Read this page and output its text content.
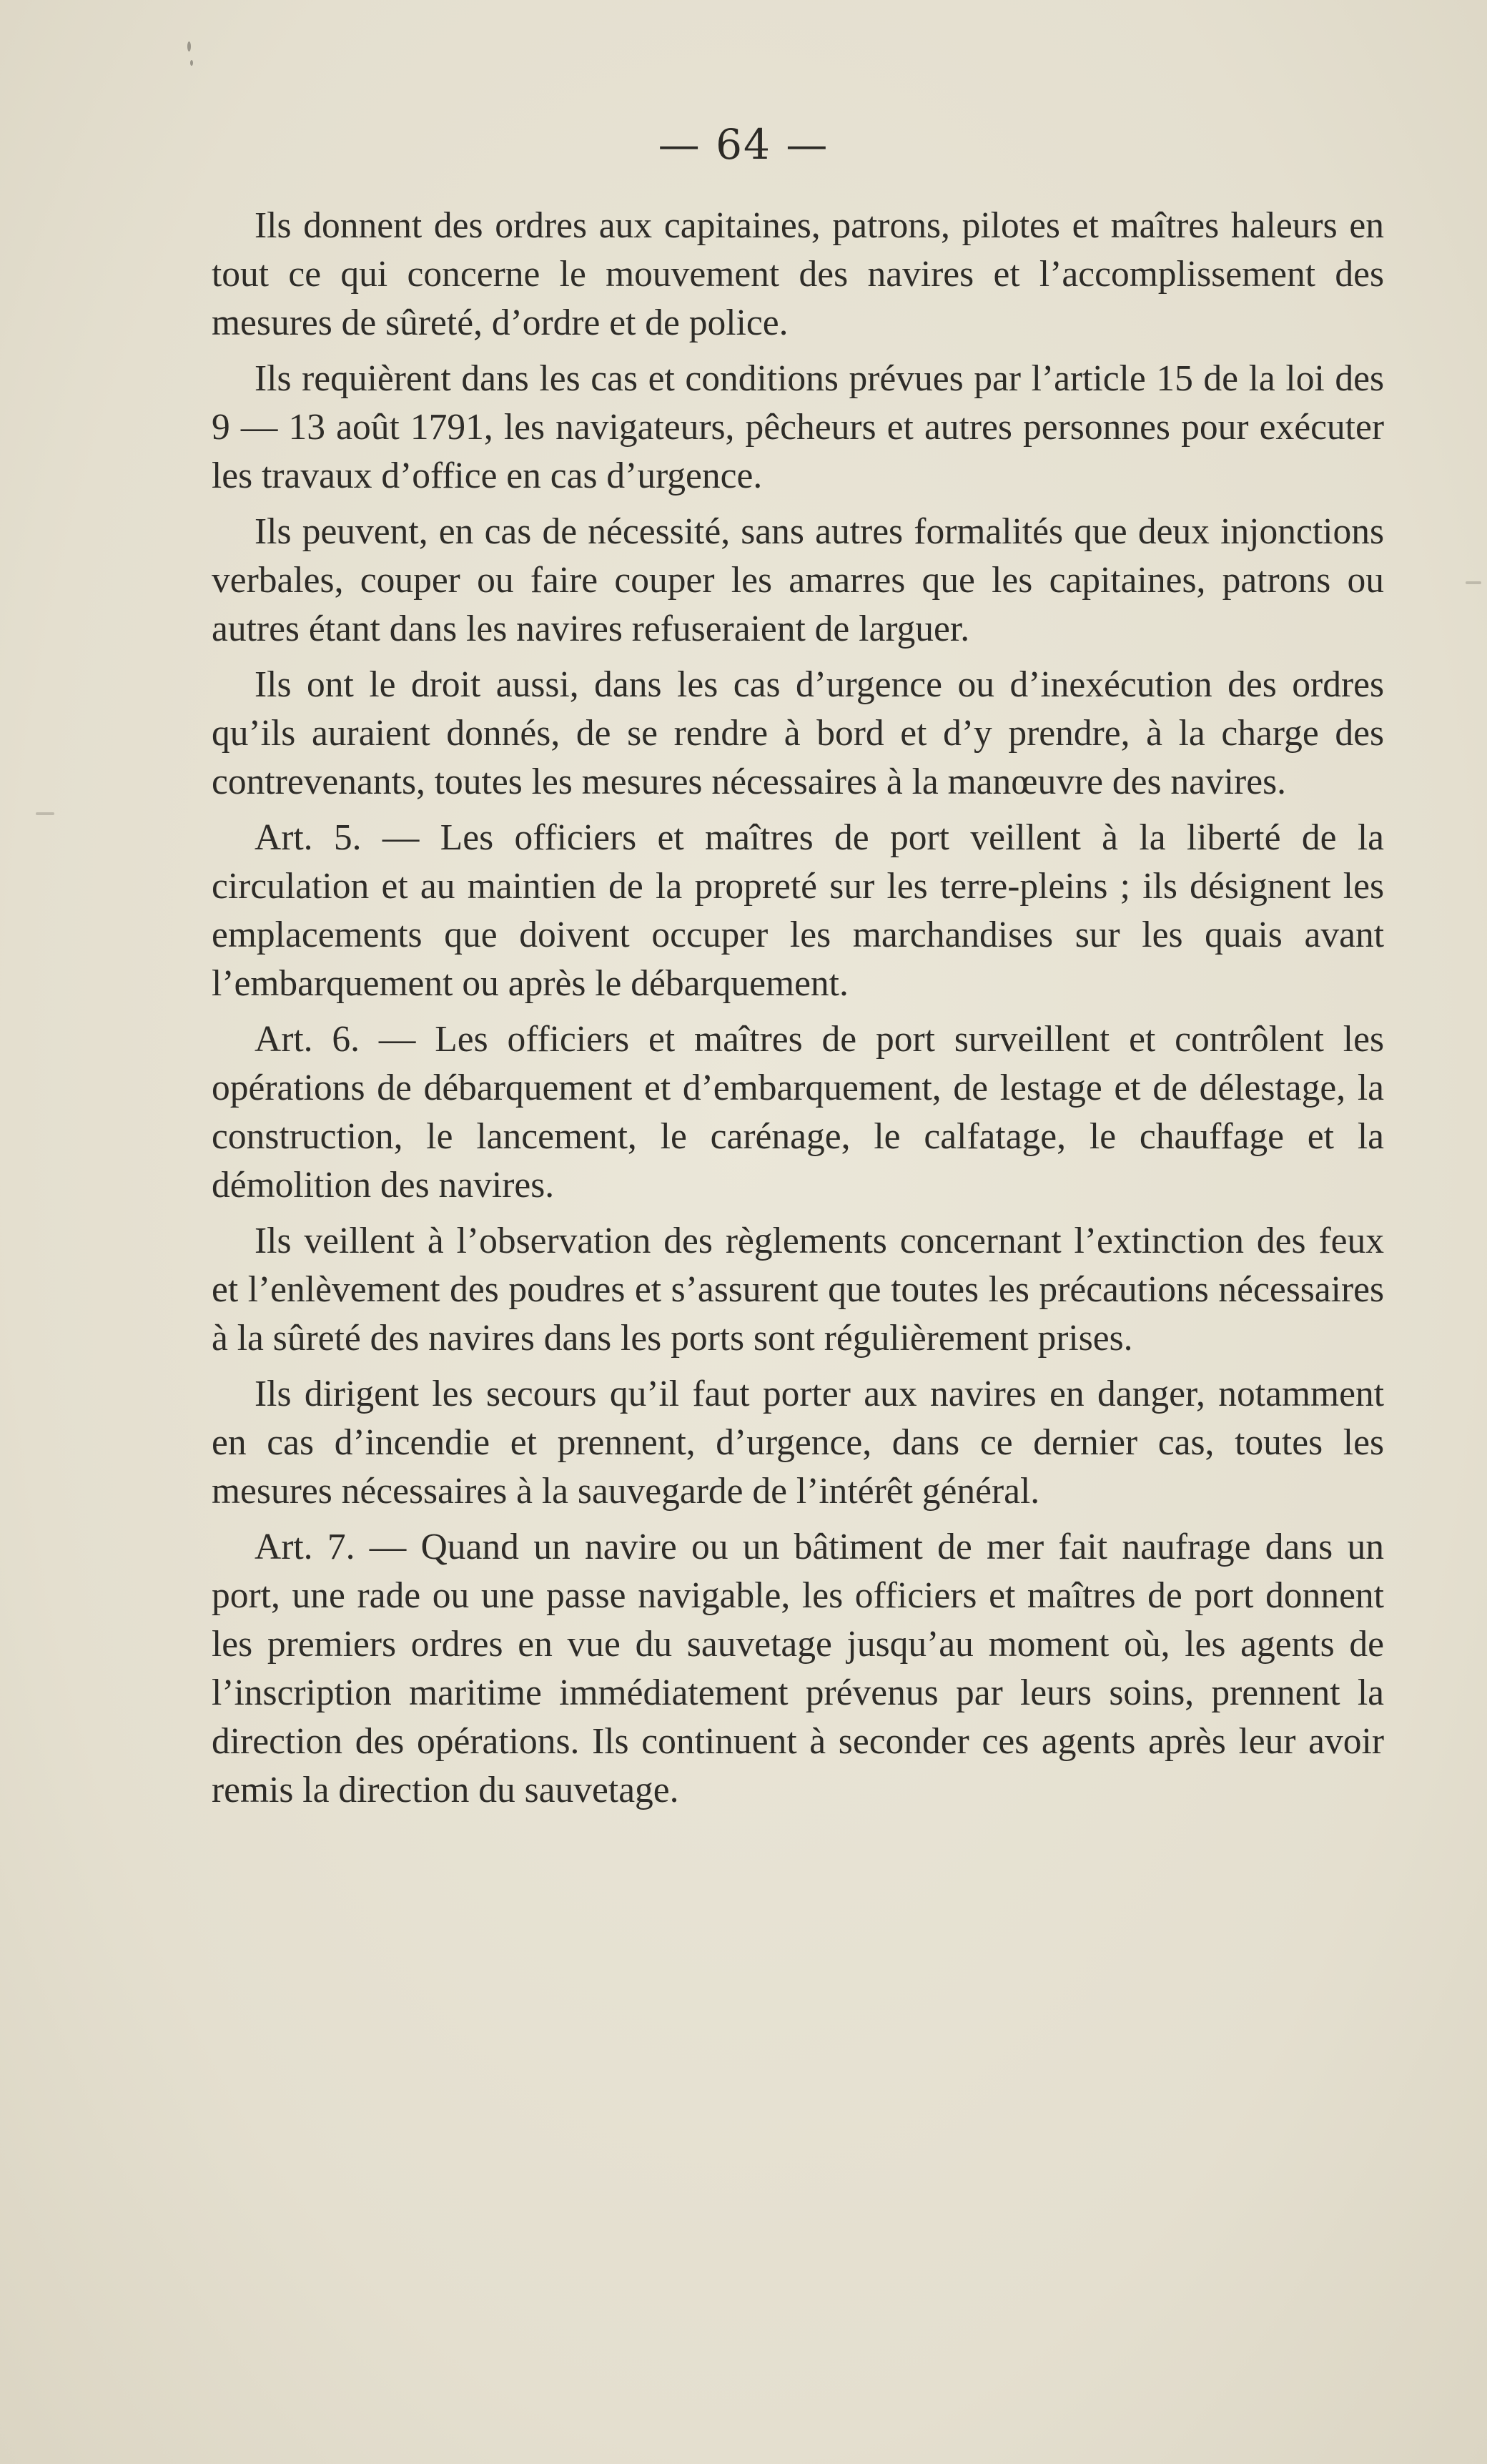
— 64 —

Ils donnent des ordres aux capitaines, patrons, pilotes et maîtres haleurs en tout ce qui concerne le mouvement des navires et l’accomplissement des mesures de sûreté, d’ordre et de police.

Ils requièrent dans les cas et conditions prévues par l’article 15 de la loi des 9 — 13 août 1791, les navigateurs, pêcheurs et autres personnes pour exécuter les travaux d’office en cas d’urgence.

Ils peuvent, en cas de nécessité, sans autres formalités que deux injonctions verbales, couper ou faire couper les amarres que les capitaines, patrons ou autres étant dans les navires refuseraient de larguer.

Ils ont le droit aussi, dans les cas d’urgence ou d’inexécution des ordres qu’ils auraient donnés, de se rendre à bord et d’y prendre, à la charge des contrevenants, toutes les mesures nécessaires à la manœuvre des navires.

Art. 5. — Les officiers et maîtres de port veillent à la liberté de la circulation et au maintien de la propreté sur les terre-pleins ; ils désignent les emplacements que doivent occuper les marchandises sur les quais avant l’embarquement ou après le débarquement.

Art. 6. — Les officiers et maîtres de port surveillent et contrôlent les opérations de débarquement et d’embarquement, de lestage et de délestage, la construction, le lancement, le carénage, le calfatage, le chauffage et la démolition des navires.

Ils veillent à l’observation des règlements concernant l’extinction des feux et l’enlèvement des poudres et s’assurent que toutes les précautions nécessaires à la sûreté des navires dans les ports sont régulièrement prises.

Ils dirigent les secours qu’il faut porter aux navires en danger, notamment en cas d’incendie et prennent, d’urgence, dans ce dernier cas, toutes les mesures nécessaires à la sauvegarde de l’intérêt général.

Art. 7. — Quand un navire ou un bâtiment de mer fait naufrage dans un port, une rade ou une passe navigable, les officiers et maîtres de port donnent les premiers ordres en vue du sauvetage jusqu’au moment où, les agents de l’inscription maritime immédiatement prévenus par leurs soins, prennent la direction des opérations. Ils continuent à seconder ces agents après leur avoir remis la direction du sauvetage.
